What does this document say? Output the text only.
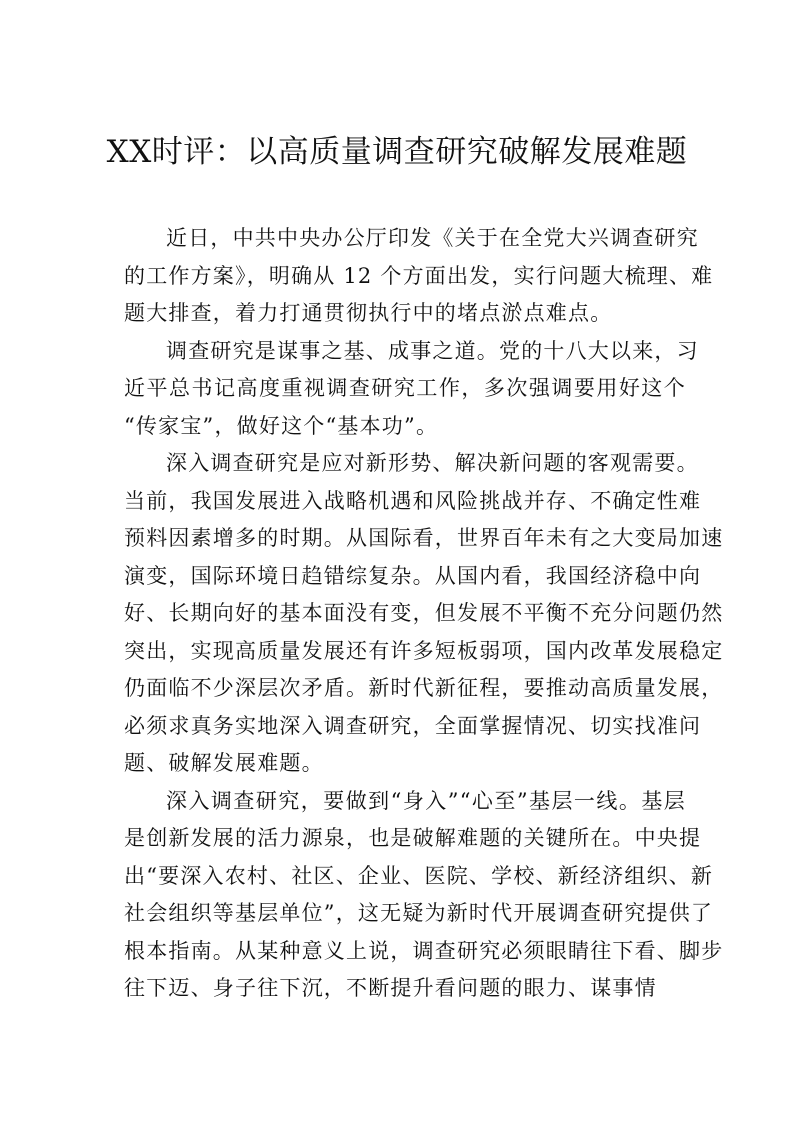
XX时评：以高质量调查研究破解发展难题
近日，中共中央办公厅印发《关于在全党大兴调查研究
的工作方案》，明确从 12 个方面出发，实行问题大梳理、难
题大排查，着力打通贯彻执行中的堵点淤点难点。
调查研究是谋事之基、成事之道。党的十八大以来，习
近平总书记高度重视调查研究工作，多次强调要用好这个
“传家宝”，做好这个“基本功”。
深入调查研究是应对新形势、解决新问题的客观需要。
当前，我国发展进入战略机遇和风险挑战并存、不确定性难
预料因素增多的时期。从国际看，世界百年未有之大变局加速
演变，国际环境日趋错综复杂。从国内看，我国经济稳中向
好、长期向好的基本面没有变，但发展不平衡不充分问题仍然
突出，实现高质量发展还有许多短板弱项，国内改革发展稳定
仍面临不少深层次矛盾。新时代新征程，要推动高质量发展，
必须求真务实地深入调查研究，全面掌握情况、切实找准问
题、破解发展难题。
深入调查研究，要做到“身入”“心至”基层一线。基层
是创新发展的活力源泉，也是破解难题的关键所在。中央提
出“要深入农村、社区、企业、医院、学校、新经济组织、新
社会组织等基层单位”，这无疑为新时代开展调查研究提供了
根本指南。从某种意义上说，调查研究必须眼睛往下看、脚步
往下迈、身子往下沉，不断提升看问题的眼力、谋事情
